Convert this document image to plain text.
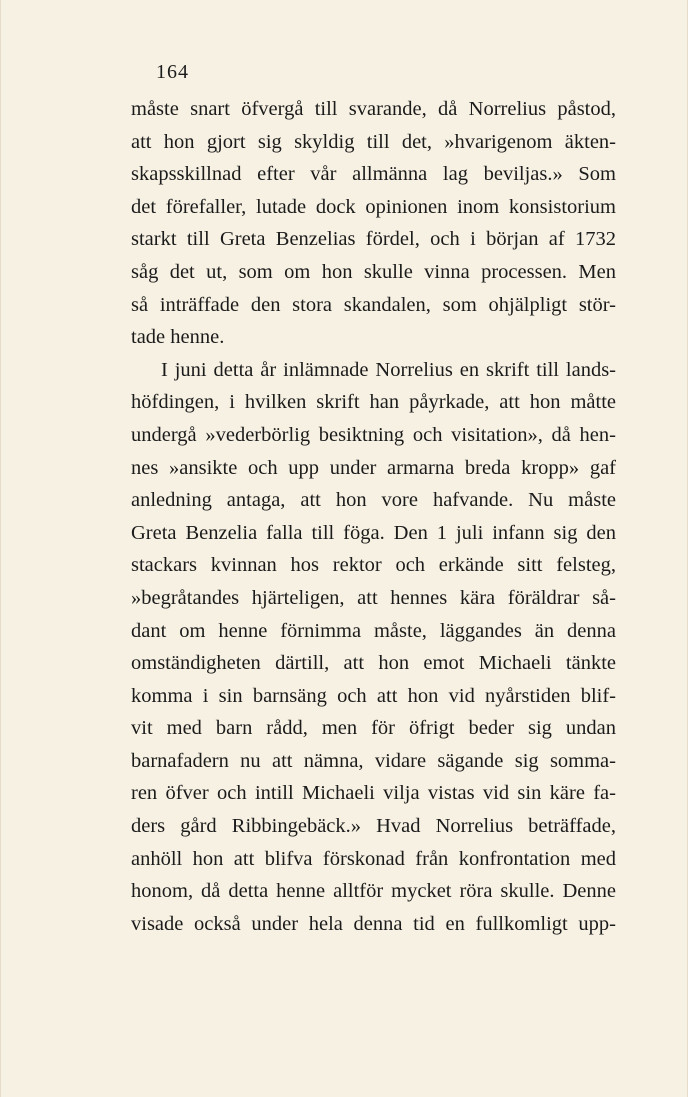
164
måste snart öfvergå till svarande, då Norrelius påstod,
att hon gjort sig skyldig till det, »hvarigenom äkten-
skapsskillnad efter vår allmänna lag beviljas.» Som
det förefaller, lutade dock opinionen inom konsistorium
starkt till Greta Benzelias fördel, och i början af 1732
såg det ut, som om hon skulle vinna processen. Men
så inträffade den stora skandalen, som ohjälpligt stör-
tade henne.
I juni detta år inlämnade Norrelius en skrift till lands-
höfdingen, i hvilken skrift han påyrkade, att hon måtte
undergå »vederbörlig besiktning och visitation», då hen-
nes »ansikte och upp under armarna breda kropp» gaf
anledning antaga, att hon vore hafvande. Nu måste
Greta Benzelia falla till föga. Den 1 juli infann sig den
stackars kvinnan hos rektor och erkände sitt felsteg,
»begråtandes hjärteligen, att hennes kära föräldrar så-
dant om henne förnimma måste, läggandes än denna
omständigheten därtill, att hon emot Michaeli tänkte
komma i sin barnsäng och att hon vid nyårstiden blif-
vit med barn rådd, men för öfrigt beder sig undan
barnafadern nu att nämna, vidare sägande sig somma-
ren öfver och intill Michaeli vilja vistas vid sin käre fa-
ders gård Ribbingebäck.» Hvad Norrelius beträffade,
anhöll hon att blifva förskonad från konfrontation med
honom, då detta henne alltför mycket röra skulle. Denne
visade också under hela denna tid en fullkomligt upp-
